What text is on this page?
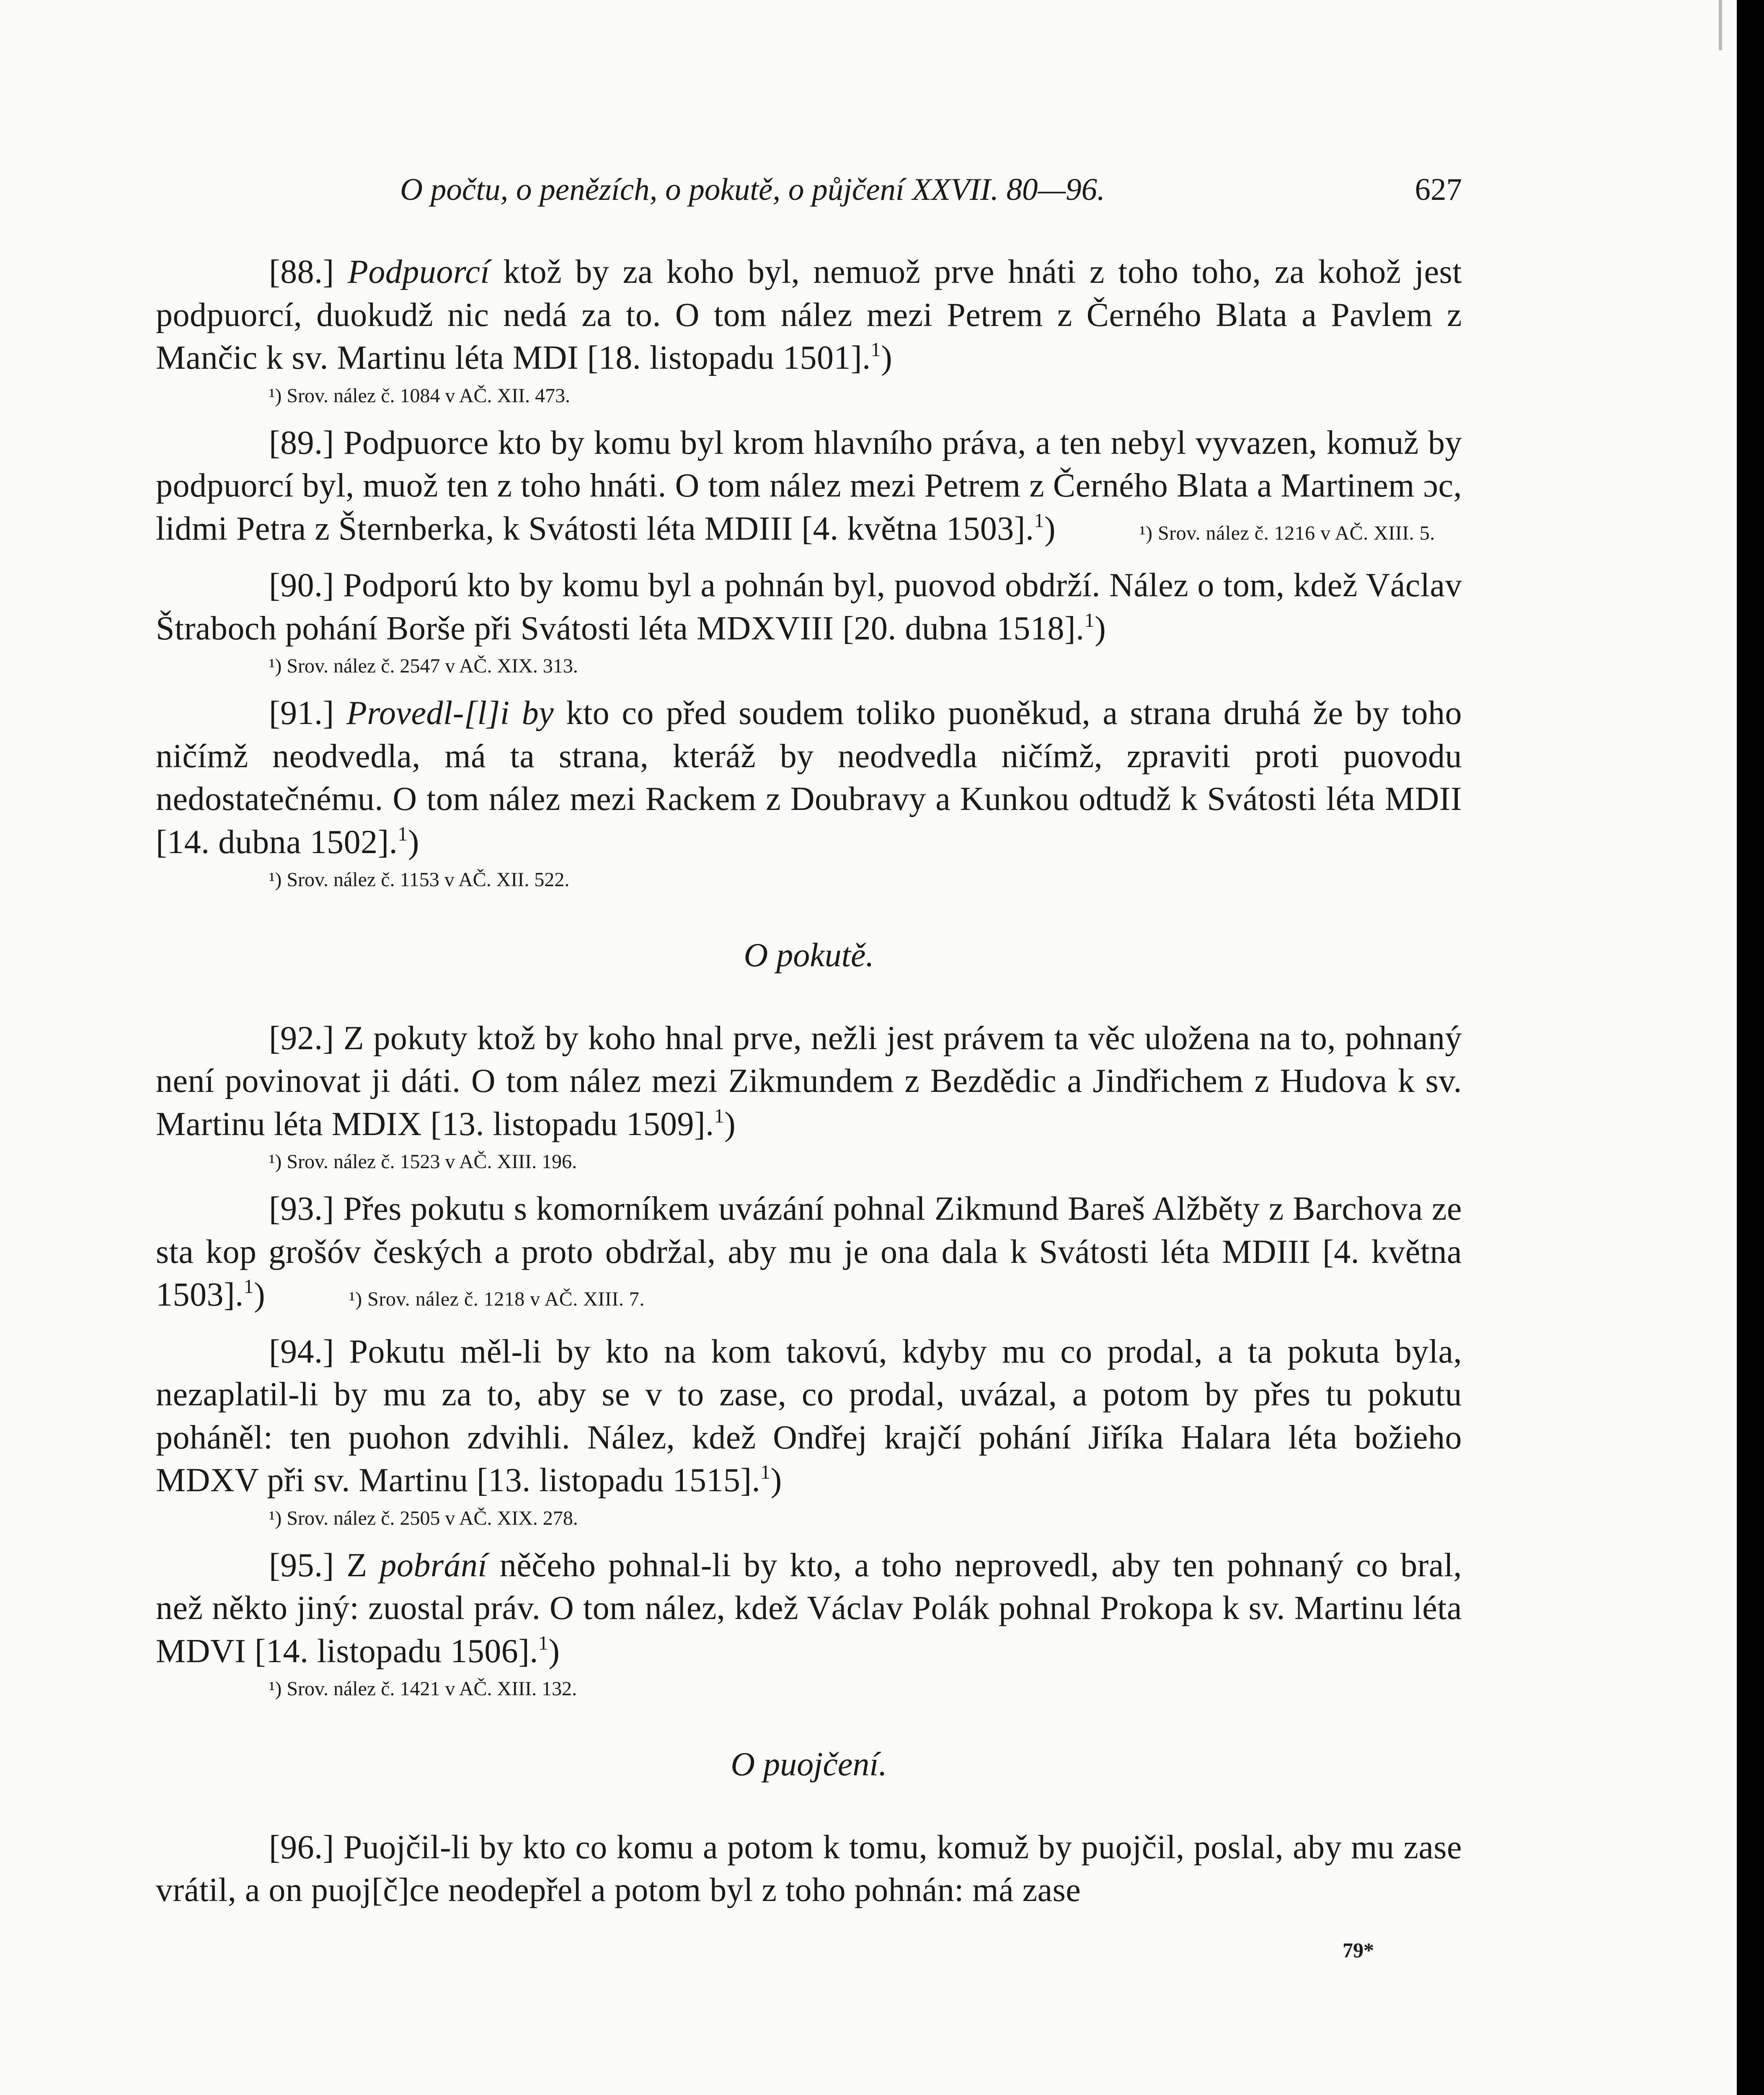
O počtu, o penězích, o pokutě, o půjčení XXVII. 80—96.	627

[88.] Podpuorcí ktož by za koho byl, nemuož prve hnáti z toho toho, za kohož jest podpuorcí, duokudž nic nedá za to. O tom nález mezi Petrem z Černého Blata a Pavlem z Mančic k sv. Martinu léta MDI [18. listopadu 1501].$^1$)

¹) Srov. nález č. 1084 v AČ. XII. 473.

[89.] Podpuorce kto by komu byl krom hlavního práva, a ten nebyl vyvazen, komuž by podpuorcí byl, muož ten z toho hnáti. O tom nález mezi Petrem z Černého Blata a Martinem ɔc, lidmi Petra z Šternberka, k Svátosti léta MDIII [4. května 1503].$^1$)	¹) Srov. nález č. 1216 v AČ. XIII. 5.

[90.] Podporú kto by komu byl a pohnán byl, puovod obdrží. Nález o tom, kdež Václav Štraboch pohání Borše při Svátosti léta MDXVIII [20. dubna 1518].$^1$)

¹) Srov. nález č. 2547 v AČ. XIX. 313.

[91.] Provedl-[l]i by kto co před soudem toliko puoněkud, a strana druhá že by toho ničímž neodvedla, má ta strana, kteráž by neodvedla ničímž, zpraviti proti puovodu nedostatečnému. O tom nález mezi Rackem z Doubravy a Kunkou odtudž k Svátosti léta MDII [14. dubna 1502].$^1$)

¹) Srov. nález č. 1153 v AČ. XII. 522.

O pokutě.

[92.] Z pokuty ktož by koho hnal prve, nežli jest právem ta věc uložena na to, pohnaný není povinovat ji dáti. O tom nález mezi Zikmundem z Bezdědic a Jindřichem z Hudova k sv. Martinu léta MDIX [13. listopadu 1509].$^1$)

¹) Srov. nález č. 1523 v AČ. XIII. 196.

[93.] Přes pokutu s komorníkem uvázání pohnal Zikmund Bareš Alžběty z Barchova ze sta kop grošóv českých a proto obdržal, aby mu je ona dala k Svátosti léta MDIII [4. května 1503].$^1$)	¹) Srov. nález č. 1218 v AČ. XIII. 7.

[94.] Pokutu měl-li by kto na kom takovú, kdyby mu co prodal, a ta pokuta byla, nezaplatil-li by mu za to, aby se v to zase, co prodal, uvázal, a potom by přes tu pokutu poháněl: ten puohon zdvihli. Nález, kdež Ondřej krajčí pohání Jiříka Halara léta božieho MDXV při sv. Martinu [13. listopadu 1515].$^1$)

¹) Srov. nález č. 2505 v AČ. XIX. 278.

[95.] Z pobrání něčeho pohnal-li by kto, a toho neprovedl, aby ten pohnaný co bral, než někto jiný: zuostal práv. O tom nález, kdež Václav Polák pohnal Prokopa k sv. Martinu léta MDVI [14. listopadu 1506].$^1$)

¹) Srov. nález č. 1421 v AČ. XIII. 132.

O puojčení.

[96.] Puojčil-li by kto co komu a potom k tomu, komuž by puojčil, poslal, aby mu zase vrátil, a on puoj[č]ce neodepřel a potom byl z toho pohnán: má zase

79*
